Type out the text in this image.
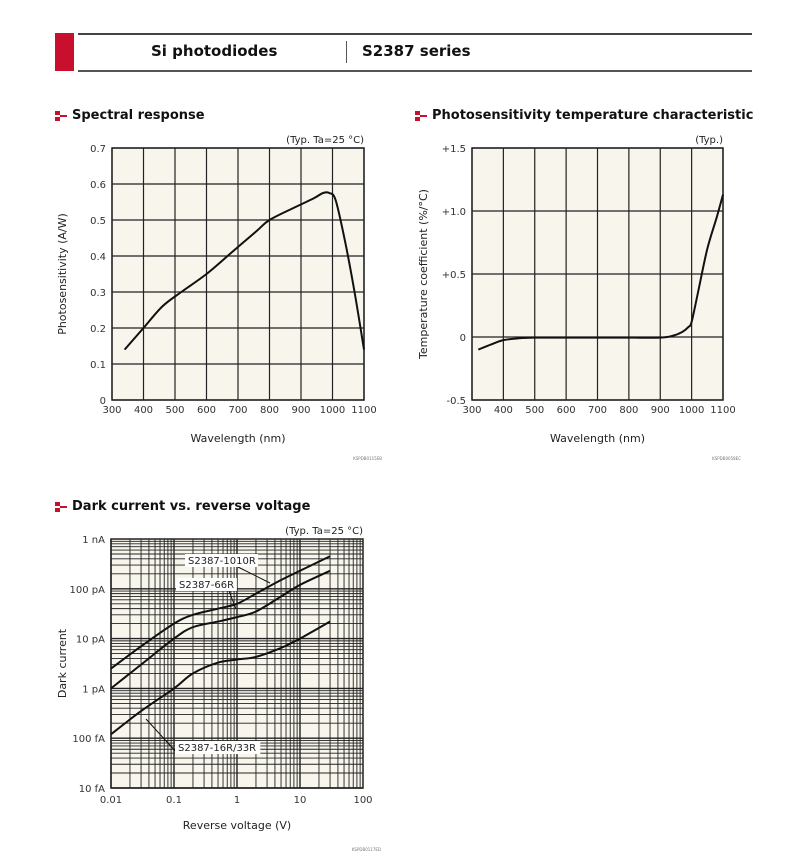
Si photodiodes	S2387 series
Spectral response	Photosensitivity temperature characteristic
Dark current vs. reverse voltage
300 400 500 600 700 800 900 1000 1100
0
0.1
0.2
0.3
0.4
0.5
0.6
0.7
(Typ. Ta=25 °C)
Wavelength (nm)
Photosensitivity (A/W)
KSPDB0115EB
300 400 500 600 700 800 900 1000 1100
-0.5
0
+0.5
+1.0
+1.5
(Typ.)
Wavelength (nm)
Temperature coefficient (%/°C)
KSPDB0058EC
0.01	0.1	1	10	100
10 fA
100 fA
1 pA
10 pA
100 pA
1 nA
S2387-1010R
S2387-66R
S2387-16R/33R
(Typ. Ta=25 °C)
Reverse voltage (V)
Dark current
KSPDB0117ED
